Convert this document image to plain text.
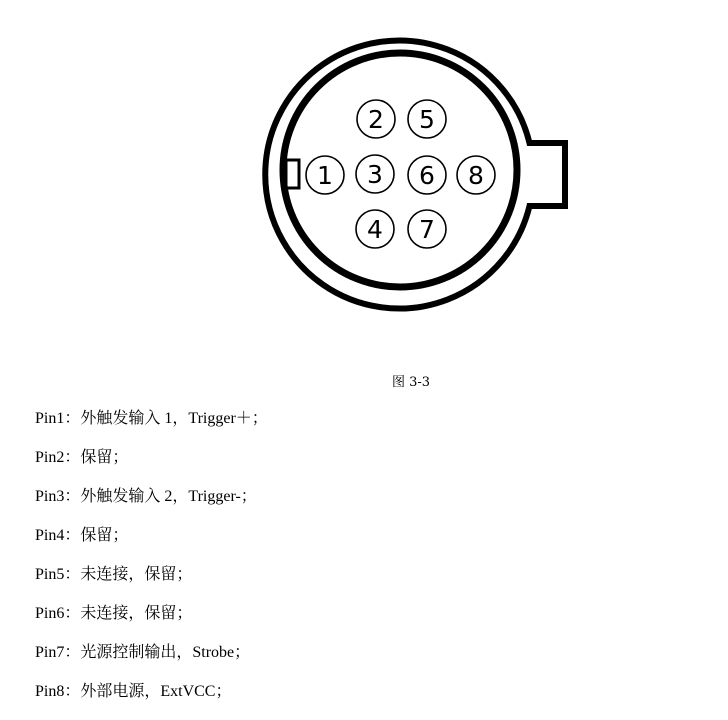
1
2
3
4
5
6
7
8
图 3-3
Pin1：外触发输入 1，Trigger＋；
Pin2：保留；
Pin3：外触发输入 2，Trigger-；
Pin4：保留；
Pin5：未连接，保留；
Pin6：未连接，保留；
Pin7：光源控制输出，Strobe；
Pin8：外部电源，ExtVCC；
